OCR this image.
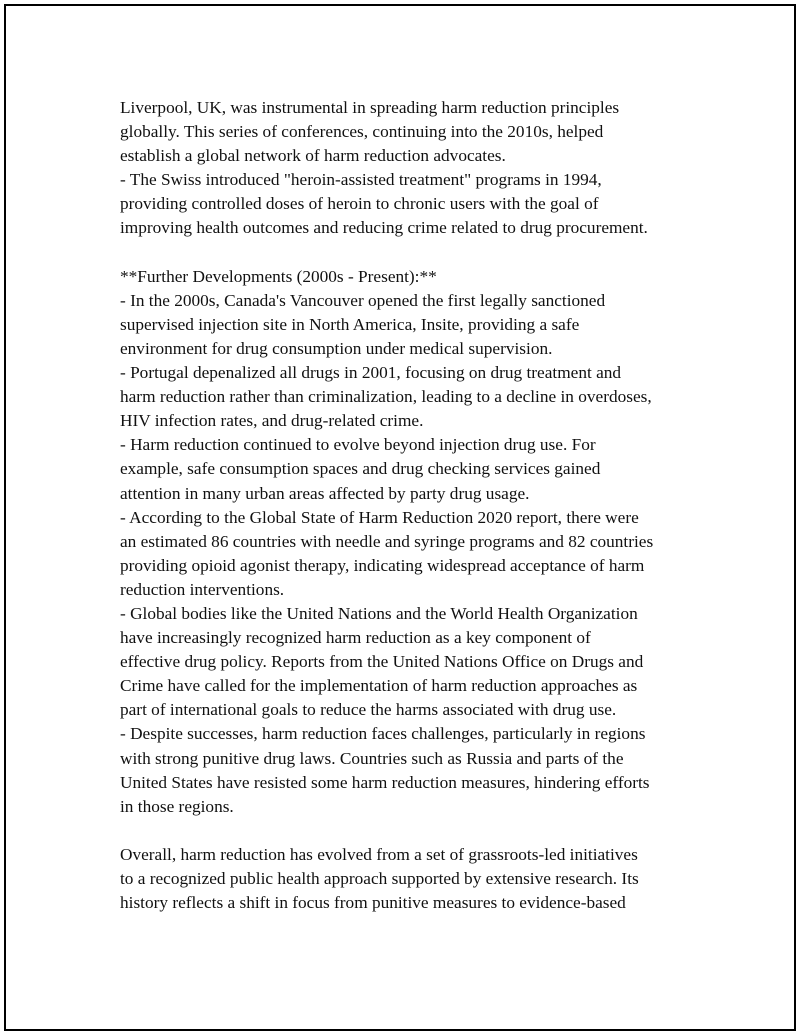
Liverpool, UK, was instrumental in spreading harm reduction principles
globally. This series of conferences, continuing into the 2010s, helped
establish a global network of harm reduction advocates.
- The Swiss introduced "heroin-assisted treatment" programs in 1994,
providing controlled doses of heroin to chronic users with the goal of
improving health outcomes and reducing crime related to drug procurement.
**Further Developments (2000s - Present):**
- In the 2000s, Canada's Vancouver opened the first legally sanctioned
supervised injection site in North America, Insite, providing a safe
environment for drug consumption under medical supervision.
- Portugal depenalized all drugs in 2001, focusing on drug treatment and
harm reduction rather than criminalization, leading to a decline in overdoses,
HIV infection rates, and drug-related crime.
- Harm reduction continued to evolve beyond injection drug use. For
example, safe consumption spaces and drug checking services gained
attention in many urban areas affected by party drug usage.
- According to the Global State of Harm Reduction 2020 report, there were
an estimated 86 countries with needle and syringe programs and 82 countries
providing opioid agonist therapy, indicating widespread acceptance of harm
reduction interventions.
- Global bodies like the United Nations and the World Health Organization
have increasingly recognized harm reduction as a key component of
effective drug policy. Reports from the United Nations Office on Drugs and
Crime have called for the implementation of harm reduction approaches as
part of international goals to reduce the harms associated with drug use.
- Despite successes, harm reduction faces challenges, particularly in regions
with strong punitive drug laws. Countries such as Russia and parts of the
United States have resisted some harm reduction measures, hindering efforts
in those regions.
Overall, harm reduction has evolved from a set of grassroots-led initiatives
to a recognized public health approach supported by extensive research. Its
history reflects a shift in focus from punitive measures to evidence-based
